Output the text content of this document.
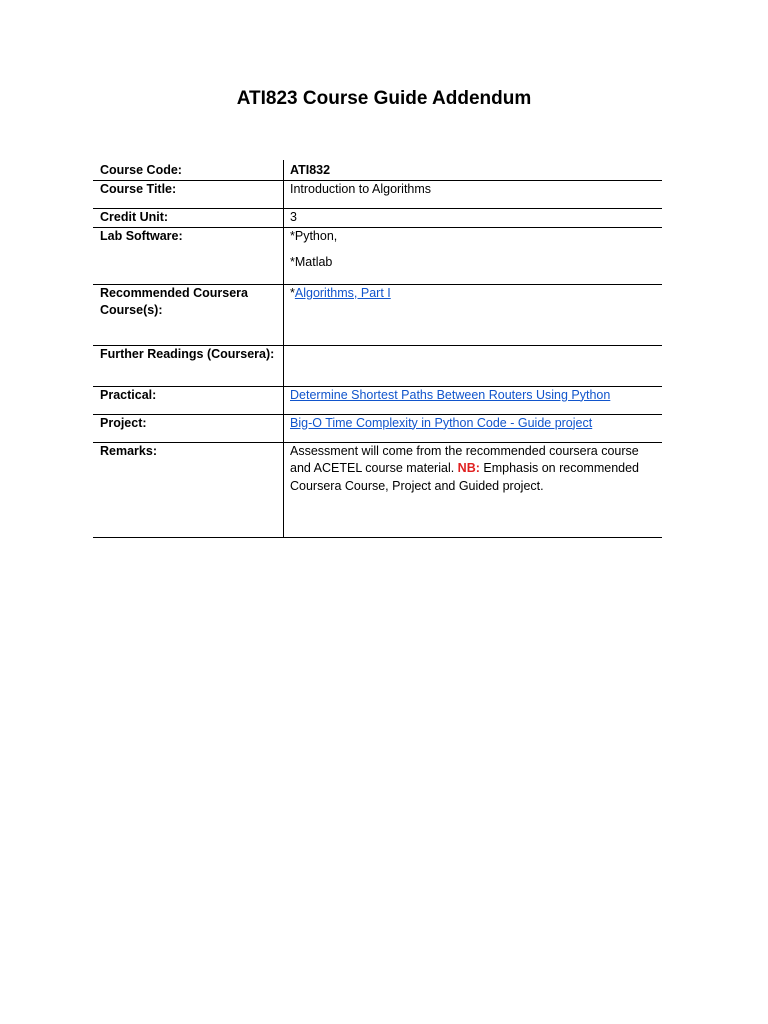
ATI823 Course Guide Addendum
Course Code:	ATI832
Course Title:	Introduction to Algorithms
Credit Unit:	3
Lab Software:	*Python,
*Matlab
Recommended Coursera Course(s):	*Algorithms, Part I
Further Readings (Coursera):	
Practical:	Determine Shortest Paths Between Routers Using Python
Project:	Big-O Time Complexity in Python Code - Guide project
Remarks:	Assessment will come from the recommended coursera course and ACETEL course material. NB: Emphasis on recommended Coursera Course, Project and Guided project.
